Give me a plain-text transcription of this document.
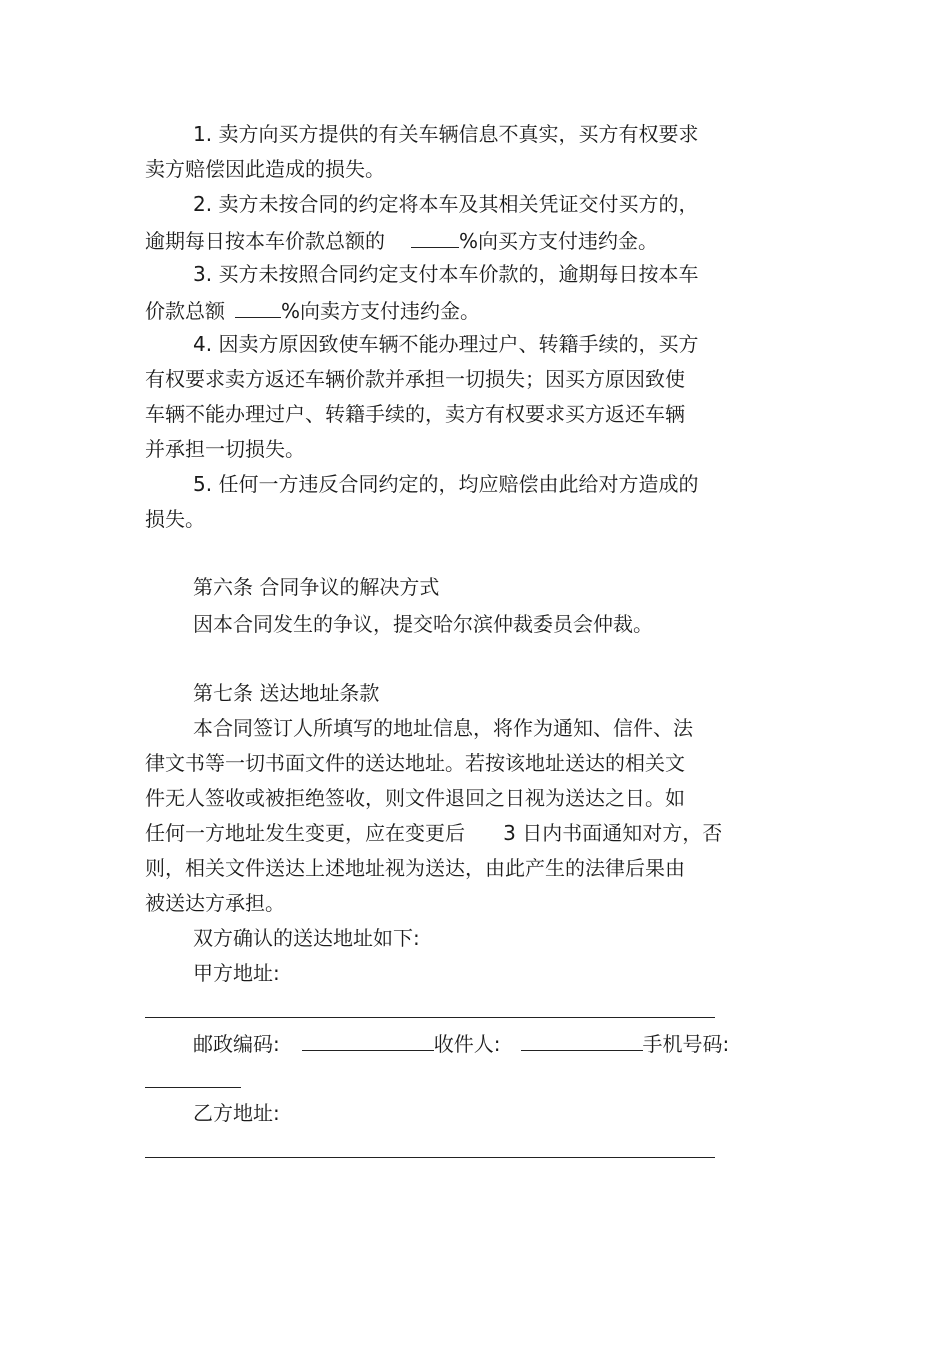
1. 卖方向买方提供的有关车辆信息不真实，买方有权要求
卖方赔偿因此造成的损失。
2. 卖方未按合同的约定将本车及其相关凭证交付买方的，
逾期每日按本车价款总额的	%向买方支付违约金。
3. 买方未按照合同约定支付本车价款的，逾期每日按本车
价款总额	%向卖方支付违约金。
4. 因卖方原因致使车辆不能办理过户、转籍手续的，买方
有权要求卖方返还车辆价款并承担一切损失；因买方原因致使
车辆不能办理过户、转籍手续的，卖方有权要求买方返还车辆
并承担一切损失。
5. 任何一方违反合同约定的，均应赔偿由此给对方造成的
损失。
第六条 合同争议的解决方式
因本合同发生的争议，提交哈尔滨仲裁委员会仲裁。
第七条 送达地址条款
本合同签订人所填写的地址信息，将作为通知、信件、法
律文书等一切书面文件的送达地址。若按该地址送达的相关文
件无人签收或被拒绝签收，则文件退回之日视为送达之日。如
任何一方地址发生变更，应在变更后      3 日内书面通知对方，否
则，相关文件送达上述地址视为送达，由此产生的法律后果由
被送达方承担。
双方确认的送达地址如下:
甲方地址:
邮政编码:	收件人:	手机号码:
乙方地址:
